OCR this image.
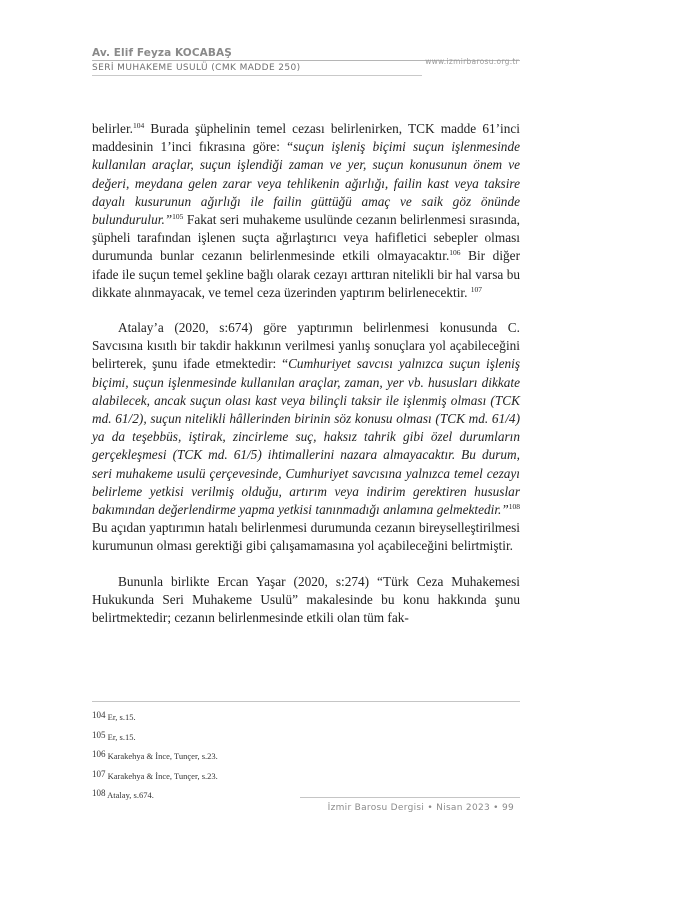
Av. Elif Feyza KOCABAŞ
www.izmirbarosu.org.tr
SERİ MUHAKEME USULÜ (CMK MADDE 250)

belirler.$^{104}$ Burada şüphelinin temel cezası belirlenirken, TCK madde 61’inci maddesinin 1’inci fıkrasına göre: “suçun işleniş biçimi suçun işlenmesinde kullanılan araçlar, suçun işlendiği zaman ve yer, suçun konusunun önem ve değeri, meydana gelen zarar veya tehlikenin ağırlığı, failin kast veya taksire dayalı kusurunun ağırlığı ile failin güttüğü amaç ve saik göz önünde bulundurulur.”$^{105}$ Fakat seri muhakeme usulünde cezanın belirlenmesi sırasında, şüpheli tarafından işlenen suçta ağırlaştırıcı veya hafifletici sebepler olması durumunda bunlar cezanın belirlenmesinde etkili olmayacaktır.$^{106}$ Bir diğer ifade ile suçun temel şekline bağlı olarak cezayı arttıran nitelikli bir hal varsa bu dikkate alınmayacak, ve temel ceza üzerinden yaptırım belirlenecektir. $^{107}$

Atalay’a (2020, s:674) göre yaptırımın belirlenmesi konusunda C. Savcısına kısıtlı bir takdir hakkının verilmesi yanlış sonuçlara yol açabileceğini belirterek, şunu ifade etmektedir: “Cumhuriyet savcısı yalnızca suçun işleniş biçimi, suçun işlenmesinde kullanılan araçlar, zaman, yer vb. hususları dikkate alabilecek, ancak suçun olası kast veya bilinçli taksir ile işlenmiş olması (TCK md. 61/2), suçun nitelikli hâllerinden birinin söz konusu olması (TCK md. 61/4) ya da teşebbüs, iştirak, zincirleme suç, haksız tahrik gibi özel durumların gerçekleşmesi (TCK md. 61/5) ihtimallerini nazara almayacaktır. Bu durum, seri muhakeme usulü çerçevesinde, Cumhuriyet savcısına yalnızca temel cezayı belirleme yetkisi verilmiş olduğu, artırım veya indirim gerektiren hususlar bakımından değerlendirme yapma yetkisi tanınmadığı anlamına gelmektedir.”$^{108}$ Bu açıdan yaptırımın hatalı belirlenmesi durumunda cezanın bireyselleştirilmesi kurumunun olması gerektiği gibi çalışamamasına yol açabileceğini belirtmiştir.

Bununla birlikte Ercan Yaşar (2020, s:274) “Türk Ceza Muhakemesi Hukukunda Seri Muhakeme Usulü” makalesinde bu konu hakkında şunu belirtmektedir; cezanın belirlenmesinde etkili olan tüm fak-

104 Er, s.15.
105 Er, s.15.
106 Karakehya & İnce, Tunçer, s.23.
107 Karakehya & İnce, Tunçer, s.23.
108 Atalay, s.674.
İzmir Barosu Dergisi • Nisan 2023 • 99
